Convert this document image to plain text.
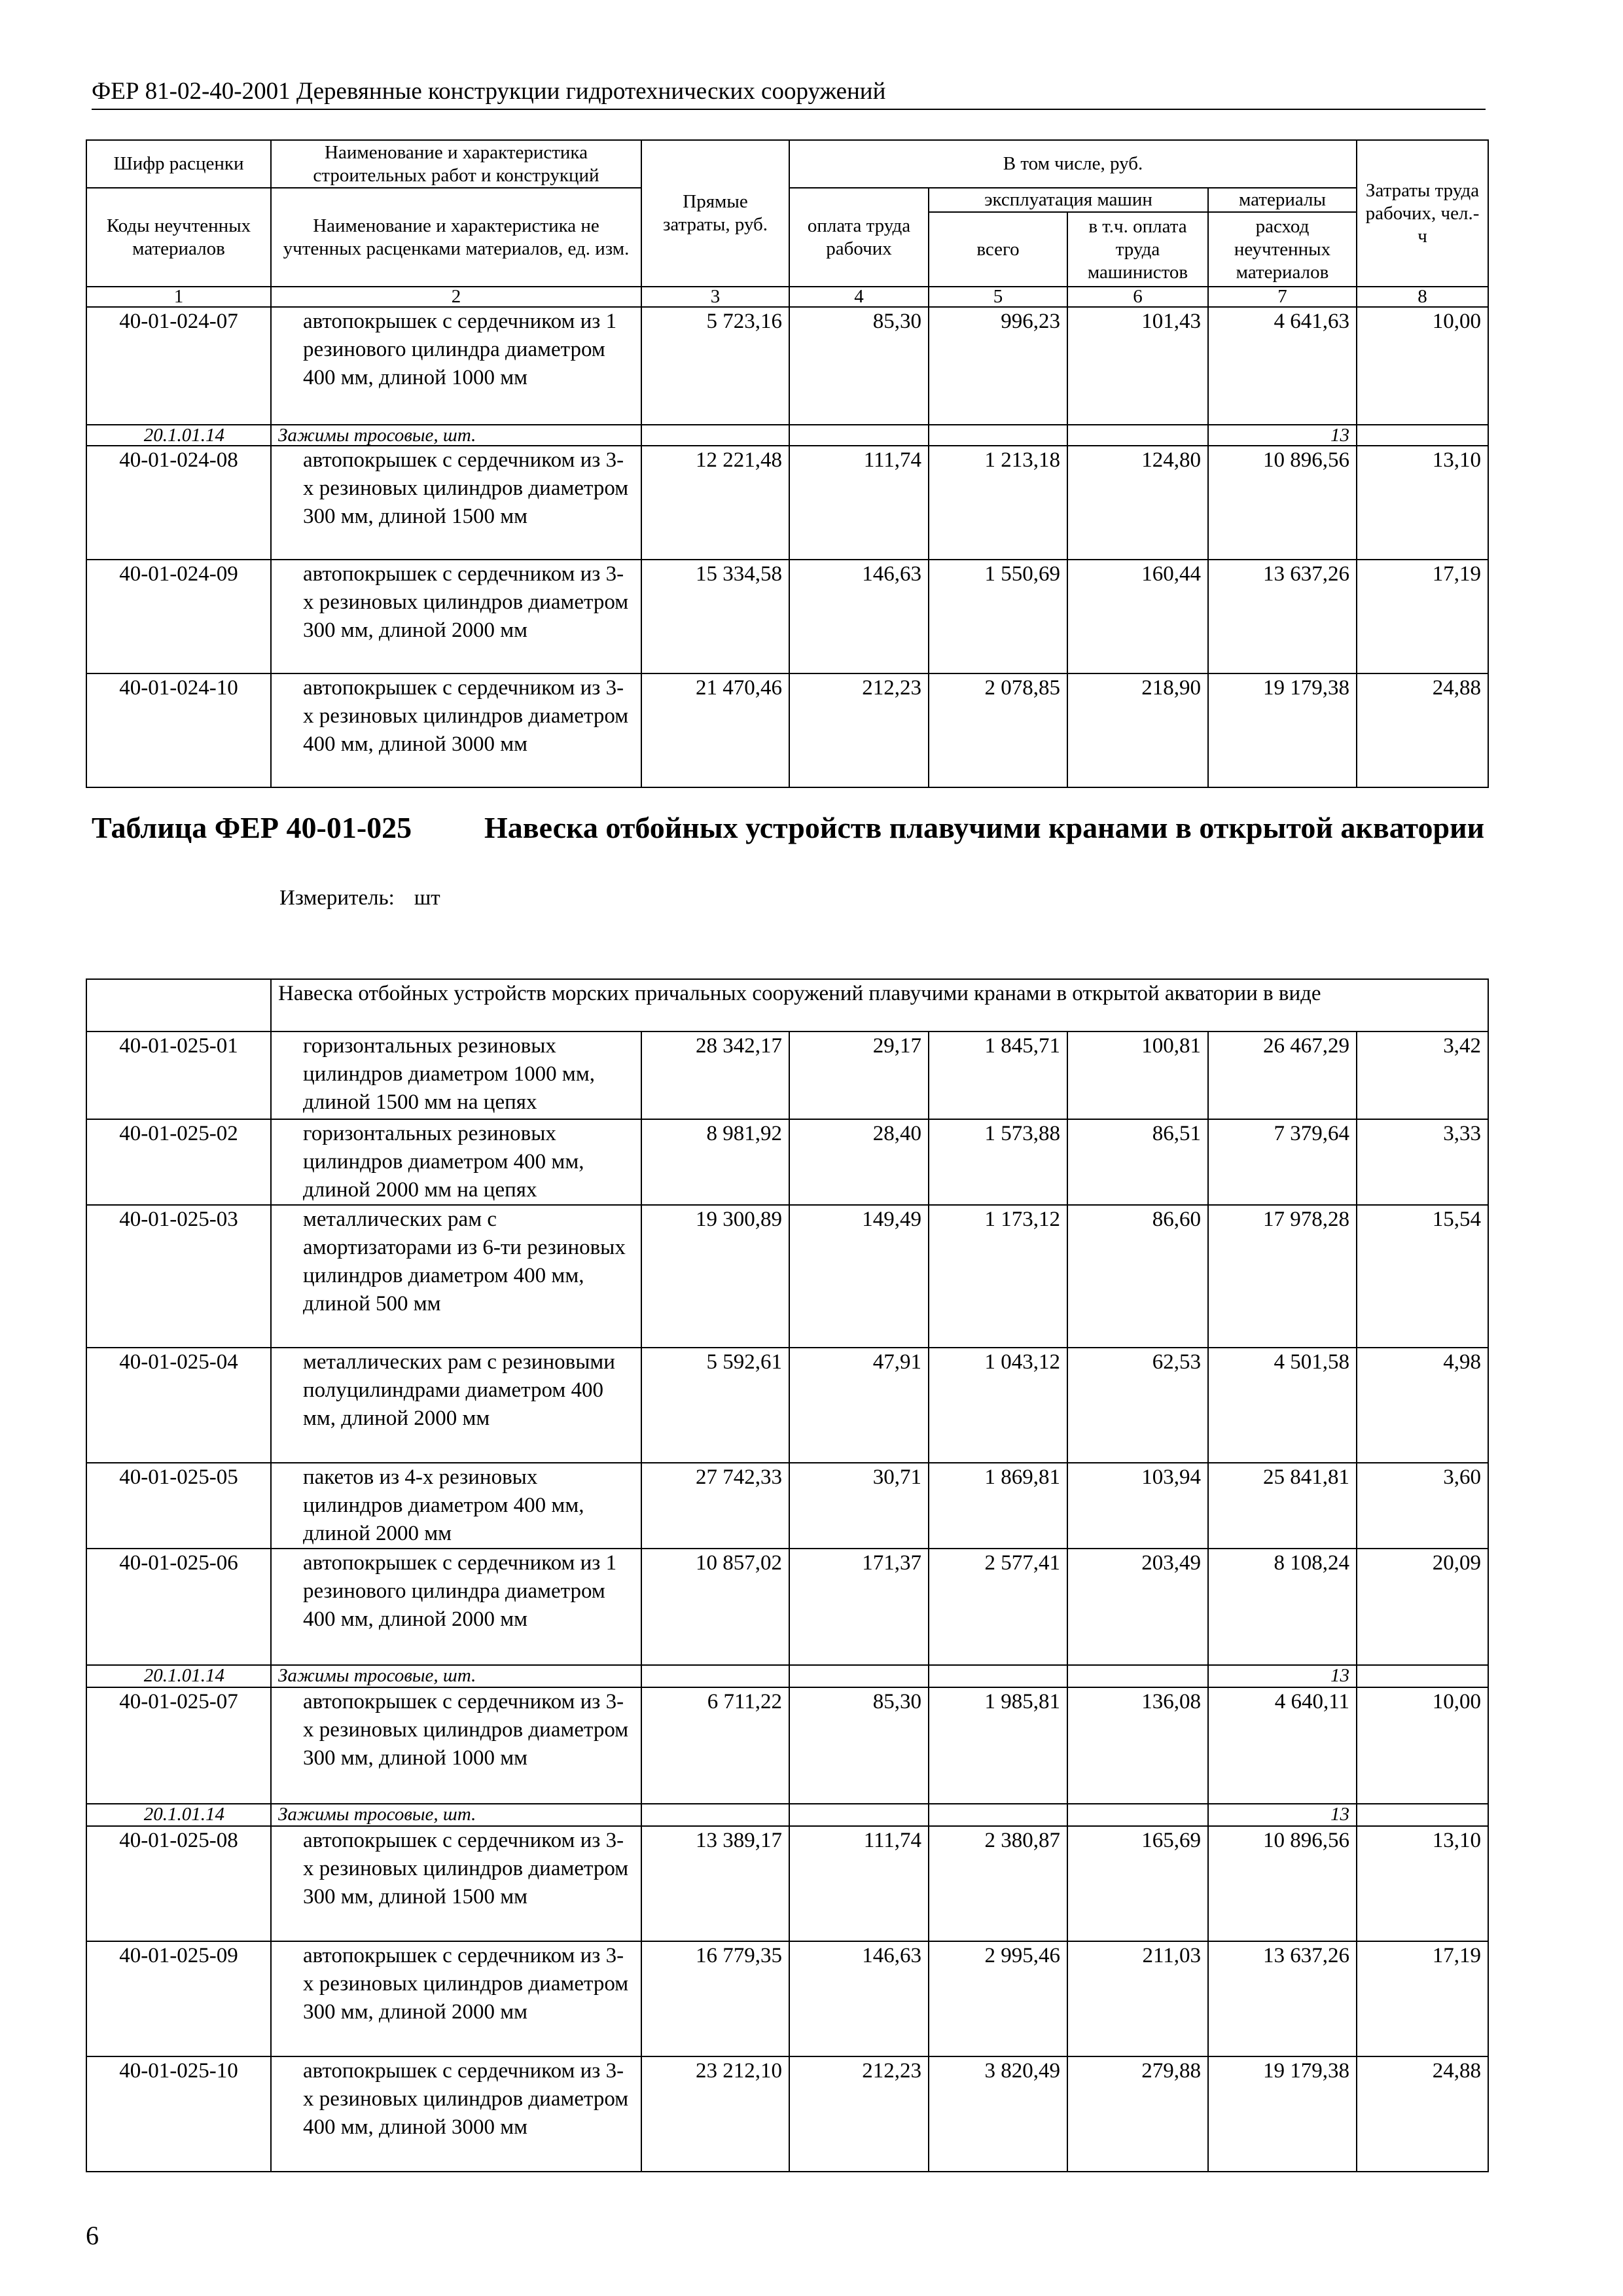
ФЕР 81-02-40-2001 Деревянные конструкции гидротехнических сооружений
Шифр расценки	Наименование и характеристика строительных работ и конструкций	Прямые затраты, руб.	В том числе, руб.				Затраты труда рабочих, чел.-ч
Коды неучтенных материалов	Наименование и характеристика не учтенных расценками материалов, ед. изм.		оплата труда рабочих	эксплуатация машин		материалы	
				всего	в т.ч. оплата труда машинистов	расход неучтенных материалов	
1	2	3	4	5	6	7	8
40-01-024-07	автопокрышек с сердечником из 1 резинового цилиндра диаметром 400 мм, длиной 1000 мм	5 723,16	85,30	996,23	101,43	4 641,63	10,00
20.1.01.14	Зажимы тросовые, шт.					13	
40-01-024-08	автопокрышек с сердечником из 3-х резиновых цилиндров диаметром 300 мм, длиной 1500 мм	12 221,48	111,74	1 213,18	124,80	10 896,56	13,10
40-01-024-09	автопокрышек с сердечником из 3-х резиновых цилиндров диаметром 300 мм, длиной 2000 мм	15 334,58	146,63	1 550,69	160,44	13 637,26	17,19
40-01-024-10	автопокрышек с сердечником из 3-х резиновых цилиндров диаметром 400 мм, длиной 3000 мм	21 470,46	212,23	2 078,85	218,90	19 179,38	24,88
Таблица ФЕР 40-01-025 Навеска отбойных устройств плавучими кранами в открытой акватории
Измеритель: шт
	Навеска отбойных устройств морских причальных сооружений плавучими кранами в открытой акватории в виде						
40-01-025-01	горизонтальных резиновых цилиндров диаметром 1000 мм, длиной 1500 мм на цепях	28 342,17	29,17	1 845,71	100,81	26 467,29	3,42
40-01-025-02	горизонтальных резиновых цилиндров диаметром 400 мм, длиной 2000 мм на цепях	8 981,92	28,40	1 573,88	86,51	7 379,64	3,33
40-01-025-03	металлических рам с амортизаторами из 6-ти резиновых цилиндров диаметром 400 мм, длиной 500 мм	19 300,89	149,49	1 173,12	86,60	17 978,28	15,54
40-01-025-04	металлических рам с резиновыми полуцилиндрами диаметром 400 мм, длиной 2000 мм	5 592,61	47,91	1 043,12	62,53	4 501,58	4,98
40-01-025-05	пакетов из 4-х резиновых цилиндров диаметром 400 мм, длиной 2000 мм	27 742,33	30,71	1 869,81	103,94	25 841,81	3,60
40-01-025-06	автопокрышек с сердечником из 1 резинового цилиндра диаметром 400 мм, длиной 2000 мм	10 857,02	171,37	2 577,41	203,49	8 108,24	20,09
20.1.01.14	Зажимы тросовые, шт.					13	
40-01-025-07	автопокрышек с сердечником из 3-х резиновых цилиндров диаметром 300 мм, длиной 1000 мм	6 711,22	85,30	1 985,81	136,08	4 640,11	10,00
20.1.01.14	Зажимы тросовые, шт.					13	
40-01-025-08	автопокрышек с сердечником из 3-х резиновых цилиндров диаметром 300 мм, длиной 1500 мм	13 389,17	111,74	2 380,87	165,69	10 896,56	13,10
40-01-025-09	автопокрышек с сердечником из 3-х резиновых цилиндров диаметром 300 мм, длиной 2000 мм	16 779,35	146,63	2 995,46	211,03	13 637,26	17,19
40-01-025-10	автопокрышек с сердечником из 3-х резиновых цилиндров диаметром 400 мм, длиной 3000 мм	23 212,10	212,23	3 820,49	279,88	19 179,38	24,88
6
